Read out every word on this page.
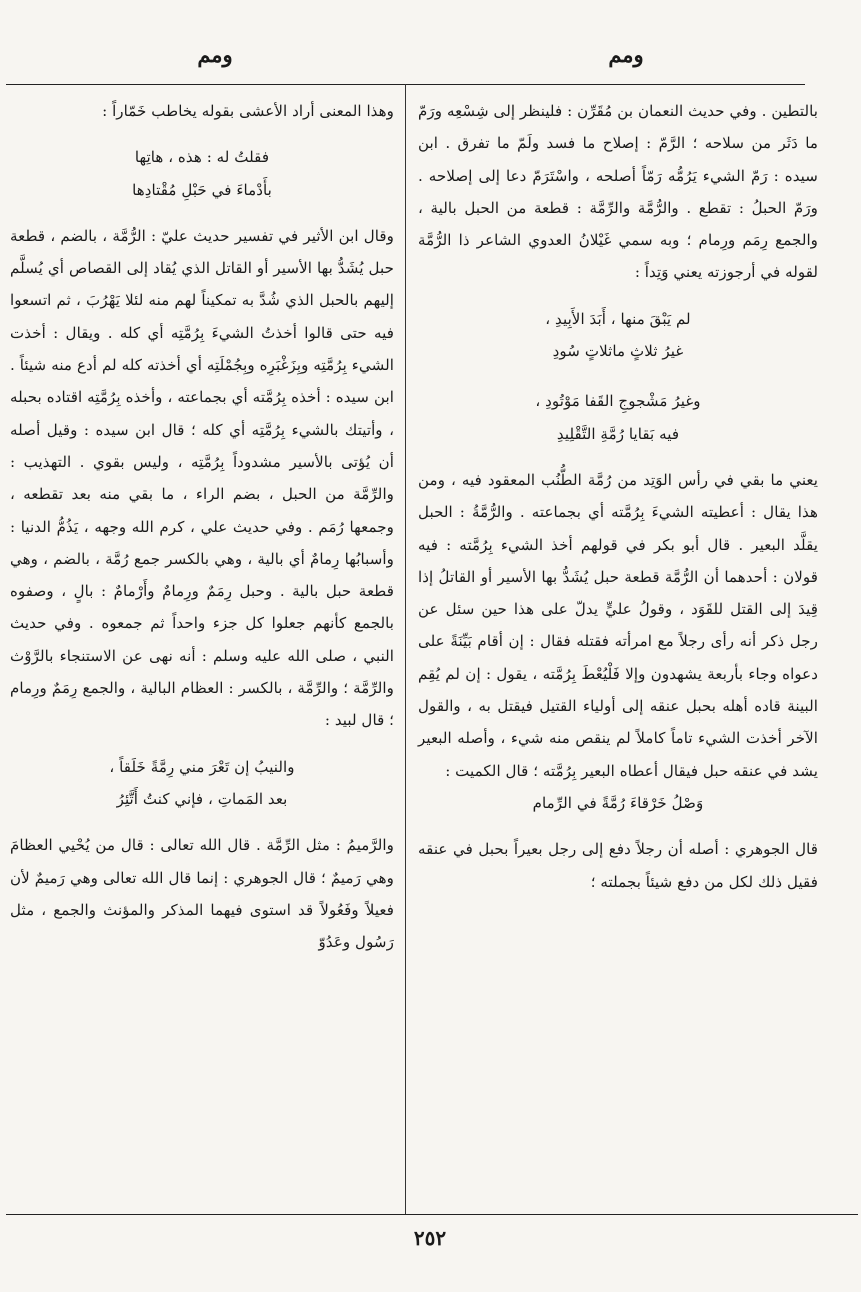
ومم
ومم

بالتطين . وفي حديث النعمان بن مُقَرِّن : فلينظر إلى شِسْعِه ورَمّ ما دَثَر من سلاحه ؛ الرَّمّ : إصلاح ما فسد ولَمّ ما تفرق . ابن سيده : رَمّ الشيء يَرُمُّه رَمّاً أصلحه ، واسْتَرَمّ دعا إلى إصلاحه . ورَمّ الحبلُ : تقطع . والرُّمَّة والرِّمَّة : قطعة من الحبل بالية ، والجمع رِمَم ورِمام ؛ وبه سمي غَيْلانُ العدوي الشاعر ذا الرُّمَّة لقوله في أرجوزته يعني وَتِداً :

لم يَبْقَ منها ، أَبَدَ الأَبِيدِ ،

غيرُ ثلاثٍ ماثلاتٍ سُودِ

وغيرُ مَشْجوجِ القَفا مَوْتُودِ ،

فيه بَقايا رُمَّةِ التَّقْلِيدِ

يعني ما بقي في رأس الوَتِد من رُمَّة الطُّنُب المعقود فيه ، ومن هذا يقال : أعطيته الشيءَ بِرُمَّته أي بجماعته . والرُّمَّةُ : الحبل يقلَّد البعير . قال أبو بكر في قولهم أخذ الشيء بِرُمَّته : فيه قولان : أحدهما أن الرُّمَّة قطعة حبل يُشَدُّ بها الأسير أو القاتلُ إذا قِيدَ إلى القتل للقَوَد ، وقولُ عليٍّ يدلّ على هذا حين سئل عن رجل ذكر أنه رأى رجلاً مع امرأته فقتله فقال : إن أقام بَيِّنَةً على دعواه وجاء بأربعة يشهدون وإلا فَلْيُعْطَ بِرُمَّته ، يقول : إن لم يُقِم البينة قاده أهله بحبل عنقه إلى أولياء القتيل فيقتل به ، والقول الآخر أخذت الشيء تاماً كاملاً لم ينقص منه شيء ، وأصله البعير يشد في عنقه حبل فيقال أعطاه البعير بِرُمَّته ؛ قال الكميت :

وَصْلُ خَرْقاءَ رُمَّةً في الرِّمام

قال الجوهري : أصله أن رجلاً دفع إلى رجل بعيراً بحبل في عنقه فقيل ذلك لكل من دفع شيئاً بجملته ؛

وهذا المعنى أراد الأعشى بقوله يخاطب خَمّاراً :

فقلتُ له : هذه ، هاتِها

بأَدْماءَ في حَبْلِ مُقْتادِها

وقال ابن الأثير في تفسير حديث عليّ : الرُّمَّة ، بالضم ، قطعة حبل يُشَدُّ بها الأسير أو القاتل الذي يُقاد إلى القصاص أي يُسلَّم إليهم بالحبل الذي شُدَّ به تمكيناً لهم منه لئلا يَهْرُبَ ، ثم اتسعوا فيه حتى قالوا أخذتُ الشيءَ بِرُمَّتِه أي كله . ويقال : أخذت الشيء بِرُمَّتِه وبِزَغْبَرِه وبِجُمْلَتِه أي أخذته كله لم أدع منه شيئاً . ابن سيده : أخذه بِرُمَّته أي بجماعته ، وأخذه بِرُمَّتِه اقتاده بحبله ، وأتيتك بالشيء بِرُمَّتِه أي كله ؛ قال ابن سيده : وقيل أصله أن يُؤتى بالأسير مشدوداً بِرُمَّتِه ، وليس بقوي . التهذيب : والرِّمَّة من الحبل ، بضم الراء ، ما بقي منه بعد تقطعه ، وجمعها رُمَم . وفي حديث علي ، كرم الله وجهه ، يَذُمُّ الدنيا : وأسبابُها رِمامٌ أي بالية ، وهي بالكسر جمع رُمَّة ، بالضم ، وهي قطعة حبل بالية . وحبل رِمَمٌ ورِمامٌ وأَرْمامٌ : بالٍ ، وصفوه بالجمع كأنهم جعلوا كل جزء واحداً ثم جمعوه . وفي حديث النبي ، صلى الله عليه وسلم : أنه نهى عن الاستنجاء بالرَّوْث والرِّمَّة ؛ والرِّمَّة ، بالكسر : العظام البالية ، والجمع رِمَمٌ ورِمام ؛ قال لبيد :

والنيبُ إن تَعْرَ مني رِمَّةً خَلَقاً ،

بعد المَماتِ ، فإني كنتُ أَتَّئِرُ

والرَّميمُ : مثل الرِّمَّة . قال الله تعالى : قال من يُحْيي العظامَ وهي رَميمٌ ؛ قال الجوهري : إنما قال الله تعالى وهي رَميمٌ لأن فعيلاً وفَعُولاً قد استوى فيهما المذكر والمؤنث والجمع ، مثل رَسُول وعَدُوّ

٢٥٢
